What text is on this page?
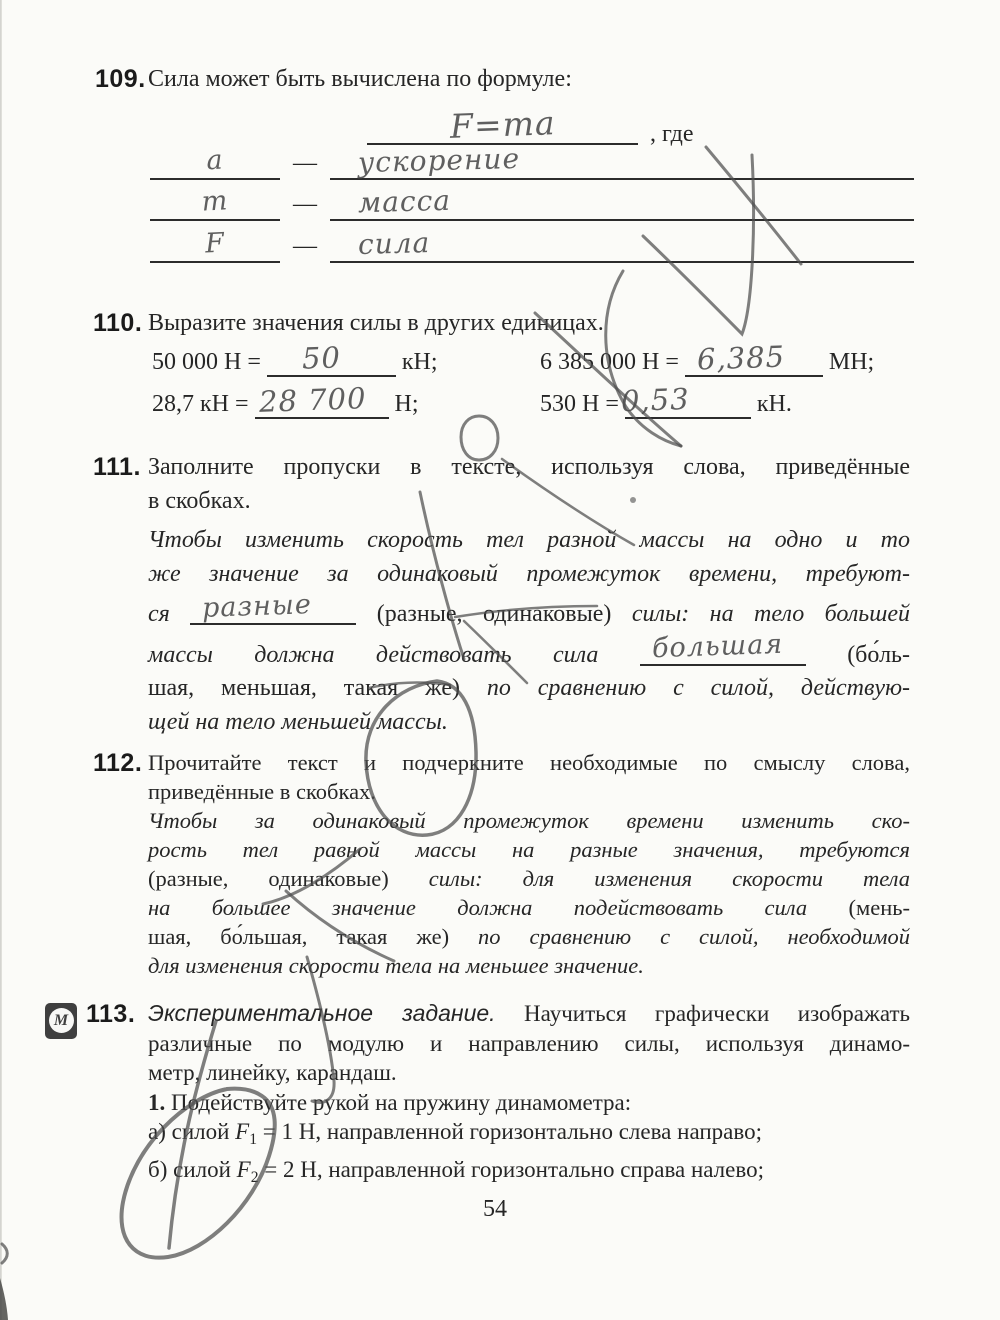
109. Сила может быть вычислена по формуле:
F=ma	, где
a	— ускорение
m	— масса
F	— сила
110. Выразите значения силы в других единицах.
50 000 Н = 50	кН;	6 385 000 Н = 6,385 МН;
28,7 кН = 28 700 Н;	530 Н = 0,53	кН.
111. Заполните пропуски в тексте, используя слова, приведённые
в скобках.
Чтобы изменить скорость тел разной массы на одно и то
же значение за одинаковый промежуток времени, требуют-
ся разные (разные, одинаковые) силы: на тело большей
массы должна действовать сила большая (бо́ль-
шая, меньшая, такая же) по сравнению с силой, действую-
щей на тело меньшей массы.
112. Прочитайте текст и подчеркните необходимые по смыслу слова,
приведённые в скобках.
Чтобы за одинаковый промежуток времени изменить ско-
рость тел равной массы на разные значения, требуются
(разные, одинаковые) силы: для изменения скорости тела
на большее значение должна подействовать сила (мень-
шая, бо́льшая, такая же) по сравнению с силой, необходимой
для изменения скорости тела на меньшее значение.
М 113. Экспериментальное задание. Научиться графически изображать
различные по модулю и направлению силы, используя динамо-
метр, линейку, карандаш.
1. Подействуйте рукой на пружину динамометра:
а) силой $F_1 = 1$ Н, направленной горизонтально слева направо;
б) силой $F_2 = 2$ Н, направленной горизонтально справа налево;
54
